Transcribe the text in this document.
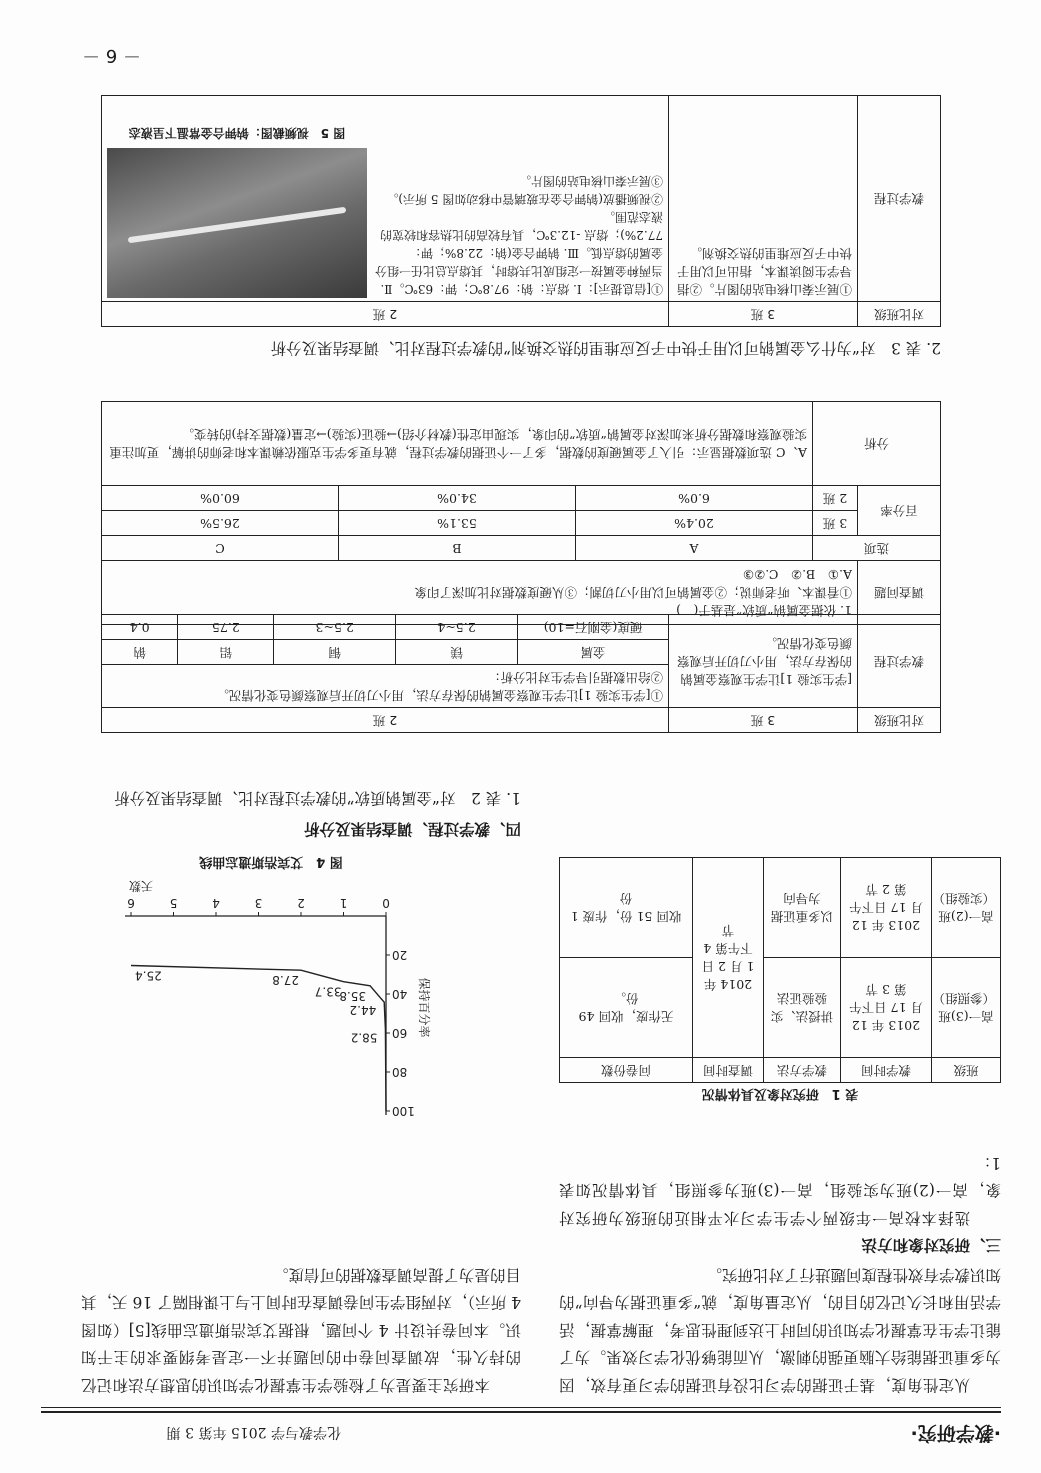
·教学研究·
化学教与学 2015 年第 3 期

从定性角度，基于证据的学习比没有证据的学习更有效，因为多重证据能给大脑更强的刺激，从而能够优化学习效果。为了能让学生在掌握化学知识的同时上达到理性思考，理解掌握，活学活用和长久记忆的目的，从定量角度，就“多重证据为导向”的知识教学有效性程度问题进行了对比研究。

三、研究对象和方法

选择本校高一年级两个学生学习水平相近的班级为研究对象，高一(2)班为实验组，高一(3)班为参照组，具体情况如表 1：

表 1　研究对象及具体情况
班级	教学时间	教学方法	调查时间	问卷份数
高一(3)班（参照组）	2013 年 12 月 17 日下午第 3 节	讲授法、实验验证法	2014 年 1 月 2 日下午第 4 节	无作废，收回 49 份。
高一(2)班（实验组）	2013 年 12 月 17 日下午第 2 节	以多重证据为导向		收回 51 份，作废 1 份

本研究主要是为了检验学生掌握化学知识的思想方法和记忆的持久性，故调查问卷中的问题并不一定是考纲要求的主干知识。本问卷共设计 4 个问题，根据艾宾浩斯遗忘曲线[5]（如图 4 所示），对两组学生问卷调查在时间上与上课相隔了 16 天，其目的是为了提高调查数据的可信度。

20
40
60
80
100
0
1
2
3
4
5
6
天数
保持百分率
58.2
44.2
35.8
33.7
27.8
25.4
图 4　艾宾浩斯遗忘曲线
四、教学过程、调查结果及分析
1. 表 2　对“金属钠质软”的教学过程对比、调查结果及分析
对比班级	3 班	2 班				
教学过程	[学生实验 1]让学生观察金属钠的保存方法，用小刀切开后观察颜色变化情况。	①[学生实验 1]让学生观察金属钠的保存方法，用小刀切开后观察颜色变化情况。
②给出数据引导学生对比分析：				
		金属	镁	铜	铝	钠
		硬度(金刚石=10)	2.5~4	2.5~3	2.75	0.4
调查问题	1. 依据金属钠“质软”是基于(　)
①看课本、听老师说；②金属钠可以用小刀切割；③从硬度数据对比加深了印象
A.①　B.②　C.②③			

选项		A	B	C
百分率	3 班	20.4%	53.1%	26.5%
	2 班	6.0%	34.0%	60.0%
分析		A、C 选项数据显示：引入了金属硬度的数据，多了一个证据的教学过程，就有更多学生克服依赖课本和老师的讲解，更加注重实验观察和数据分析来加深对金属钠“质软”的印象，实现由定性(教材介绍)→验证(实验)→定量(数据支持)的转变。		
2. 表 3　对“为什么金属钠可以用于快中子反应堆里的热交换剂”的教学过程对比、调查结果及分析
对比班级	3 班	2 班
教学过程	①展示秦山核电站的图片。②指导学生阅读课本，指出可以用于快中子反应堆里的热交换剂。	①[信息提示]：Ⅰ. 熔点：钠：97.8℃；钾：63℃。Ⅱ. 当两种金属按一定组成比共熔时，其熔点总比任一组分金属的熔点低。Ⅲ. 钠钾合金(钠：22.8%；钾：77.2%)；熔点 -12.3℃，具有较高的比热容和较宽的液态范围。
②视频播放(钠钾合金在玻璃管中移动如图 5 所示)。
③展示秦山核电站的图片。
图 5　视频截图：钠钾合金常温下呈液态
－ 6 －
